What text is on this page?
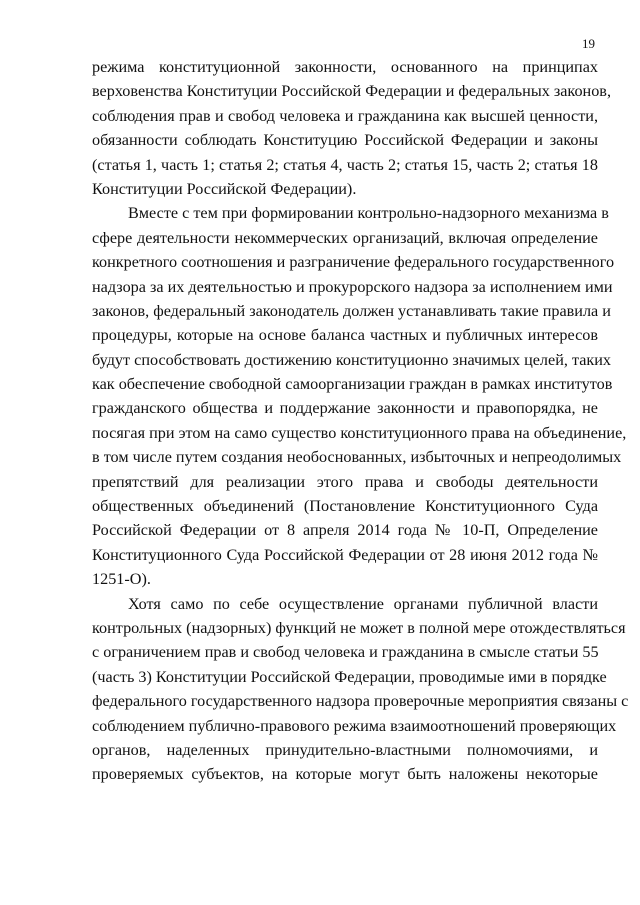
19
режима конституционной законности, основанного на принципах
верховенства Конституции Российской Федерации и федеральных законов,
соблюдения прав и свобод человека и гражданина как высшей ценности,
обязанности соблюдать Конституцию Российской Федерации и законы
(статья 1, часть 1; статья 2; статья 4, часть 2; статья 15, часть 2; статья 18
Конституции Российской Федерации).
Вместе с тем при формировании контрольно-надзорного механизма в
сфере деятельности некоммерческих организаций, включая определение
конкретного соотношения и разграничение федерального государственного
надзора за их деятельностью и прокурорского надзора за исполнением ими
законов, федеральный законодатель должен устанавливать такие правила и
процедуры, которые на основе баланса частных и публичных интересов
будут способствовать достижению конституционно значимых целей, таких
как обеспечение свободной самоорганизации граждан в рамках институтов
гражданского общества и поддержание законности и правопорядка, не
посягая при этом на само существо конституционного права на объединение,
в том числе путем создания необоснованных, избыточных и непреодолимых
препятствий для реализации этого права и свободы деятельности
общественных объединений (Постановление Конституционного Суда
Российской Федерации от 8 апреля 2014 года № 10-П, Определение
Конституционного Суда Российской Федерации от 28 июня 2012 года №
1251-О).
Хотя само по себе осуществление органами публичной власти
контрольных (надзорных) функций не может в полной мере отождествляться
с ограничением прав и свобод человека и гражданина в смысле статьи 55
(часть 3) Конституции Российской Федерации, проводимые ими в порядке
федерального государственного надзора проверочные мероприятия связаны с
соблюдением публично-правового режима взаимоотношений проверяющих
органов, наделенных принудительно-властными полномочиями, и
проверяемых субъектов, на которые могут быть наложены некоторые
